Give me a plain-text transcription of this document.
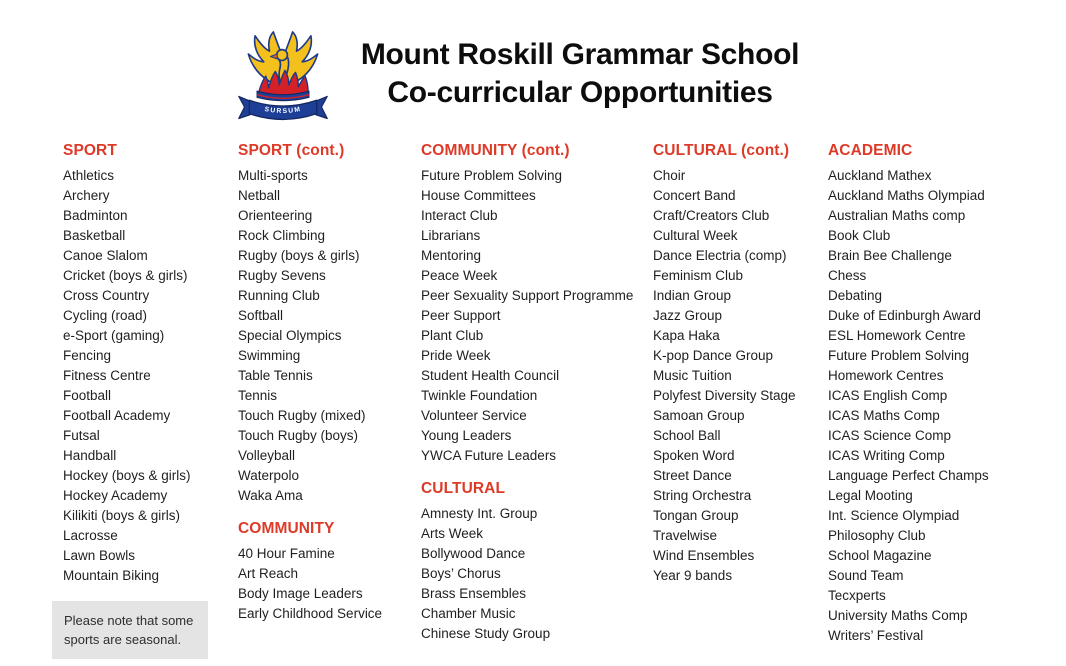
SURSUM
Mount Roskill Grammar School
Co-curricular Opportunities
SPORT
Athletics
Archery
Badminton
Basketball
Canoe Slalom
Cricket (boys & girls)
Cross Country
Cycling (road)
e-Sport (gaming)
Fencing
Fitness Centre
Football
Football Academy
Futsal
Handball
Hockey (boys & girls)
Hockey Academy
Kilikiti (boys & girls)
Lacrosse
Lawn Bowls
Mountain Biking
SPORT (cont.)
Multi-sports
Netball
Orienteering
Rock Climbing
Rugby (boys & girls)
Rugby Sevens
Running Club
Softball
Special Olympics
Swimming
Table Tennis
Tennis
Touch Rugby (mixed)
Touch Rugby (boys)
Volleyball
Waterpolo
Waka Ama
COMMUNITY
40 Hour Famine
Art Reach
Body Image Leaders
Early Childhood Service
COMMUNITY (cont.)
Future Problem Solving
House Committees
Interact Club
Librarians
Mentoring
Peace Week
Peer Sexuality Support Programme
Peer Support
Plant Club
Pride Week
Student Health Council
Twinkle Foundation
Volunteer Service
Young Leaders
YWCA Future Leaders
CULTURAL
Amnesty Int. Group
Arts Week
Bollywood Dance
Boys’ Chorus
Brass Ensembles
Chamber Music
Chinese Study Group
CULTURAL (cont.)
Choir
Concert Band
Craft/Creators Club
Cultural Week
Dance Electria (comp)
Feminism Club
Indian Group
Jazz Group
Kapa Haka
K-pop Dance Group
Music Tuition
Polyfest Diversity Stage
Samoan Group
School Ball
Spoken Word
Street Dance
String Orchestra
Tongan Group
Travelwise
Wind Ensembles
Year 9 bands
ACADEMIC
Auckland Mathex
Auckland Maths Olympiad
Australian Maths comp
Book Club
Brain Bee Challenge
Chess
Debating
Duke of Edinburgh Award
ESL Homework Centre
Future Problem Solving
Homework Centres
ICAS English Comp
ICAS Maths Comp
ICAS Science Comp
ICAS Writing Comp
Language Perfect Champs
Legal Mooting
Int. Science Olympiad
Philosophy Club
School Magazine
Sound Team
Tecxperts
University Maths Comp
Writers’ Festival
Please note that some sports are seasonal.
